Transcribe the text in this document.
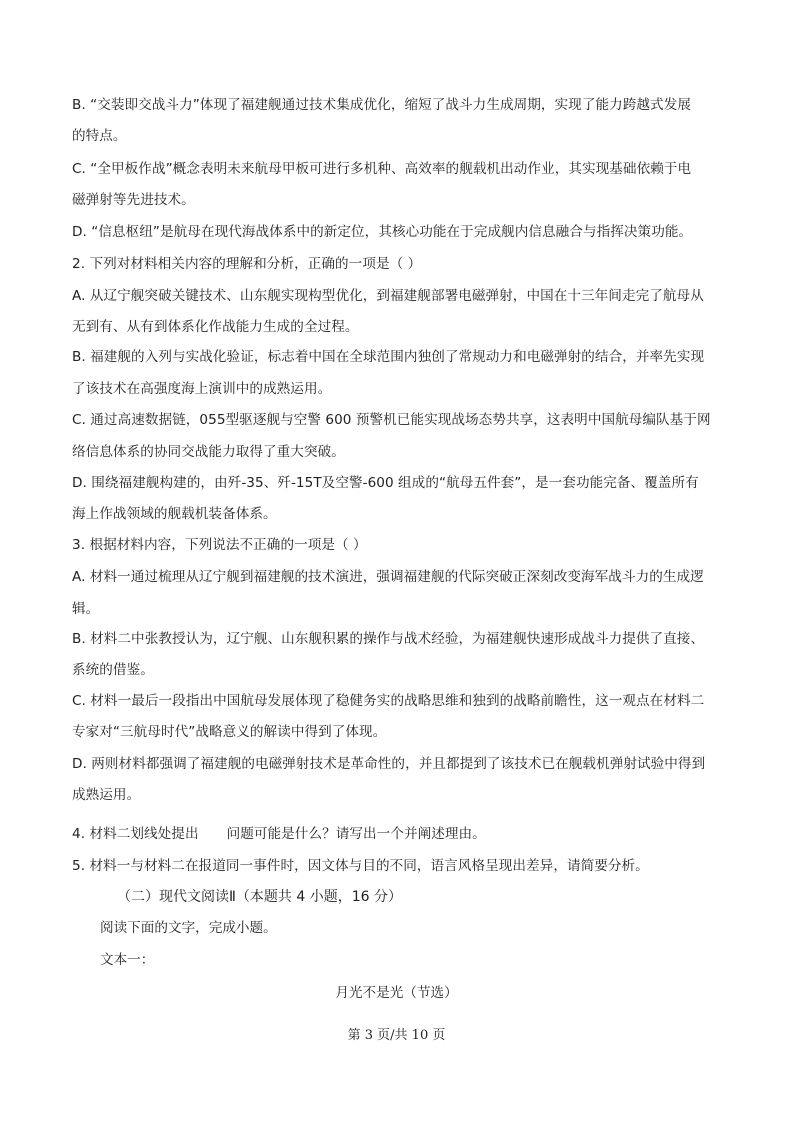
B. “交装即交战斗力”体现了福建舰通过技术集成优化，缩短了战斗力生成周期，实现了能力跨越式发展
的特点。
C. “全甲板作战”概念表明未来航母甲板可进行多机种、高效率的舰载机出动作业，其实现基础依赖于电
磁弹射等先进技术。
D. “信息枢纽”是航母在现代海战体系中的新定位，其核心功能在于完成舰内信息融合与指挥决策功能。
2. 下列对材料相关内容的理解和分析，正确的一项是（ ）
A. 从辽宁舰突破关键技术、山东舰实现构型优化，到福建舰部署电磁弹射，中国在十三年间走完了航母从
无到有、从有到体系化作战能力生成的全过程。
B. 福建舰的入列与实战化验证，标志着中国在全球范围内独创了常规动力和电磁弹射的结合，并率先实现
了该技术在高强度海上演训中的成熟运用。
C. 通过高速数据链，055型驱逐舰与空警 600 预警机已能实现战场态势共享，这表明中国航母编队基于网
络信息体系的协同交战能力取得了重大突破。
D. 围绕福建舰构建的，由歼-35、歼-15T及空警-600 组成的“航母五件套”，是一套功能完备、覆盖所有
海上作战领域的舰载机装备体系。
3. 根据材料内容，下列说法不正确的一项是（ ）
A. 材料一通过梳理从辽宁舰到福建舰的技术演进，强调福建舰的代际突破正深刻改变海军战斗力的生成逻
辑。
B. 材料二中张教授认为，辽宁舰、山东舰积累的操作与战术经验，为福建舰快速形成战斗力提供了直接、
系统的借鉴。
C. 材料一最后一段指出中国航母发展体现了稳健务实的战略思维和独到的战略前瞻性，这一观点在材料二
专家对“三航母时代”战略意义的解读中得到了体现。
D. 两则材料都强调了福建舰的电磁弹射技术是革命性的，并且都提到了该技术已在舰载机弹射试验中得到
成熟运用。
4. 材料二划线处提出 问题可能是什么？请写出一个并阐述理由。
5. 材料一与材料二在报道同一事件时，因文体与目的不同，语言风格呈现出差异，请简要分析。
（二）现代文阅读Ⅱ（本题共 4 小题，16 分）
阅读下面的文字，完成小题。
文本一：
月光不是光（节选）
第 3 页/共 10 页
